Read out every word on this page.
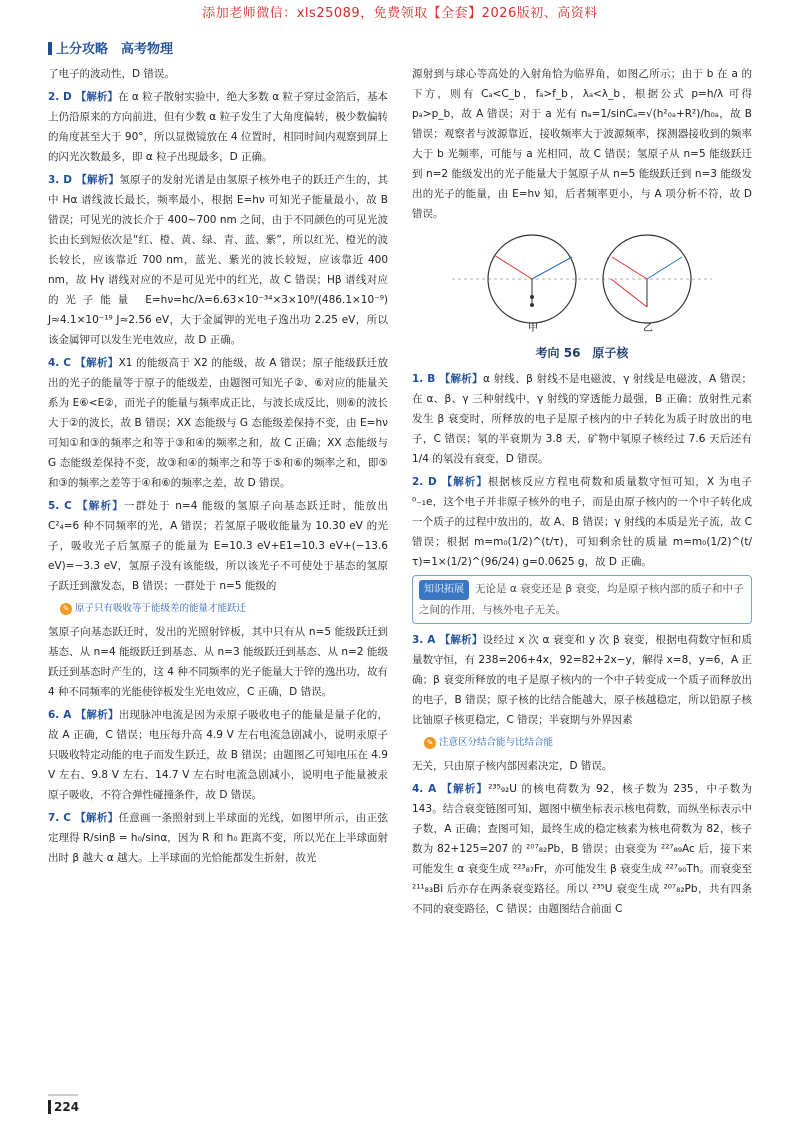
添加老师微信：xls25089，免费领取【全套】2026版初、高资料
上分攻略　高考物理

了电子的波动性，D 错误。

2. D 【解析】在 α 粒子散射实验中，绝大多数 α 粒子穿过金箔后，基本上仍沿原来的方向前进，但有少数 α 粒子发生了大角度偏转，极少数偏转的角度甚至大于 90°，所以显微镜放在 4 位置时，相同时间内观察到屏上的闪光次数最多，即 α 粒子出现最多，D 正确。

3. D 【解析】氢原子的发射光谱是由氢原子核外电子的跃迁产生的，其中 Hα 谱线波长最长，频率最小，根据 E=hν 可知光子能量最小，故 B 错误；可见光的波长介于 400~700 nm 之间，由于不同颜色的可见光波长由长到短依次是“红、橙、黄、绿、青、蓝、紫”，所以红光、橙光的波长较长，应该靠近 700 nm，蓝光、紫光的波长较短，应该靠近 400 nm，故 Hγ 谱线对应的不是可见光中的红光，故 C 错误；Hβ 谱线对应的光子能量 E=hν=hc/λ=6.63×10⁻³⁴×3×10⁸/(486.1×10⁻⁹) J≈4.1×10⁻¹⁹ J≈2.56 eV，大于金属钾的光电子逸出功 2.25 eV，所以该金属钾可以发生光电效应，故 D 正确。

4. C 【解析】X1 的能级高于 X2 的能级，故 A 错误；原子能级跃迁放出的光子的能量等于原子的能级差，由题图可知光子②、⑥对应的能量关系为 E⑥<E②，而光子的能量与频率成正比，与波长成反比，则⑥的波长大于②的波长，故 B 错误；XX 态能级与 G 态能级差保持不变，由 E=hν 可知①和③的频率之和等于③和④的频率之和，故 C 正确；XX 态能级与 G 态能级差保持不变，故③和④的频率之和等于⑤和⑥的频率之和，即⑤和③的频率之差等于④和⑥的频率之差，故 D 错误。

5. C 【解析】一群处于 n=4 能级的氢原子向基态跃迁时，能放出 C²₄=6 种不同频率的光，A 错误；若氢原子吸收能量为 10.30 eV 的光子，吸收光子后氢原子的能量为 E=10.3 eV+E1=10.3 eV+(−13.6 eV)=−3.3 eV，氢原子没有该能级，所以该光子不可使处于基态的氢原子跃迁到激发态，B 错误；一群处于 n=5 能级的

✎ 原子只有吸收等于能级差的能量才能跃迁

氢原子向基态跃迁时，发出的光照射锌板，其中只有从 n=5 能级跃迁到基态、从 n=4 能级跃迁到基态、从 n=3 能级跃迁到基态、从 n=2 能级跃迁到基态时产生的，这 4 种不同频率的光子能量大于锌的逸出功，故有 4 种不同频率的光能使锌板发生光电效应，C 正确，D 错误。

6. A 【解析】出现脉冲电流是因为汞原子吸收电子的能量是量子化的，故 A 正确，C 错误；电压每升高 4.9 V 左右电流急剧减小，说明汞原子只吸收特定动能的电子而发生跃迁，故 B 错误；由题图乙可知电压在 4.9 V 左右、9.8 V 左右、14.7 V 左右时电流急剧减小，说明电子能量被汞原子吸收，不符合弹性碰撞条件，故 D 错误。

7. C 【解析】任意画一条照射到上半球面的光线，如图甲所示，由正弦定理得 R/sinβ = h₀/sinα，因为 R 和 h₀ 距离不变，所以光在上半球面射出时 β 越大 α 越大。上半球面的光恰能都发生折射，故光

源射到与球心等高处的入射角恰为临界角，如图乙所示；由于 b 在 a 的下方，则有 Cₐ<C_b，fₐ>f_b，λₐ<λ_b，根据公式 p=h/λ 可得 pₐ>p_b，故 A 错误；对于 a 光有 nₐ=1/sinCₐ=√(h²₀ₐ+R²)/h₀ₐ，故 B 错误；观察者与波源靠近，接收频率大于波源频率，探测器接收到的频率大于 b 光频率，可能与 a 光相同，故 C 错误；氢原子从 n=5 能级跃迁到 n=2 能级发出的光子能量大于氢原子从 n=5 能级跃迁到 n=3 能级发出的光子的能量，由 E=hν 知，后者频率更小，与 A 项分析不符，故 D 错误。

甲	乙
考向 56　原子核

1. B 【解析】α 射线、β 射线不是电磁波，γ 射线是电磁波，A 错误；在 α、β、γ 三种射线中，γ 射线的穿透能力最强，B 正确；放射性元素发生 β 衰变时，所释放的电子是原子核内的中子转化为质子时放出的电子，C 错误；氡的半衰期为 3.8 天，矿物中氡原子核经过 7.6 天后还有 1/4 的氡没有衰变，D 错误。

2. D 【解析】根据核反应方程电荷数和质量数守恒可知，X 为电子 ⁰₋₁e，这个电子并非原子核外的电子，而是由原子核内的一个中子转化成一个质子的过程中放出的，故 A、B 错误；γ 射线的本质是光子流，故 C 错误；根据 m=m₀(1/2)^(t/τ)，可知剩余钍的质量 m=m₀(1/2)^(t/τ)=1×(1/2)^(96/24) g=0.0625 g，故 D 正确。

知识拓展 无论是 α 衰变还是 β 衰变，均是原子核内部的质子和中子之间的作用，与核外电子无关。

3. A 【解析】设经过 x 次 α 衰变和 y 次 β 衰变，根据电荷数守恒和质量数守恒，有 238=206+4x，92=82+2x−y，解得 x=8，y=6，A 正确；β 衰变所释放的电子是原子核内的一个中子转变成一个质子而释放出的电子，B 错误；原子核的比结合能越大，原子核越稳定，所以铅原子核比铀原子核更稳定，C 错误；半衰期与外界因素

✎ 注意区分结合能与比结合能

无关，只由原子核内部因素决定，D 错误。

4. A 【解析】²³⁵₉₂U 的核电荷数为 92，核子数为 235，中子数为 143。结合衰变链图可知，题图中横坐标表示核电荷数，而纵坐标表示中子数，A 正确；查图可知，最终生成的稳定核素为核电荷数为 82，核子数为 82+125=207 的 ²⁰⁷₈₂Pb，B 错误；由衰变为 ²²⁷₈₉Ac 后，接下来可能发生 α 衰变生成 ²²³₈₇Fr，亦可能发生 β 衰变生成 ²²⁷₉₀Th。而衰变至 ²¹¹₈₃Bi 后亦存在两条衰变路径。所以 ²³⁵U 衰变生成 ²⁰⁷₈₂Pb，共有四条不同的衰变路径，C 错误；由题图结合前面 C

224
